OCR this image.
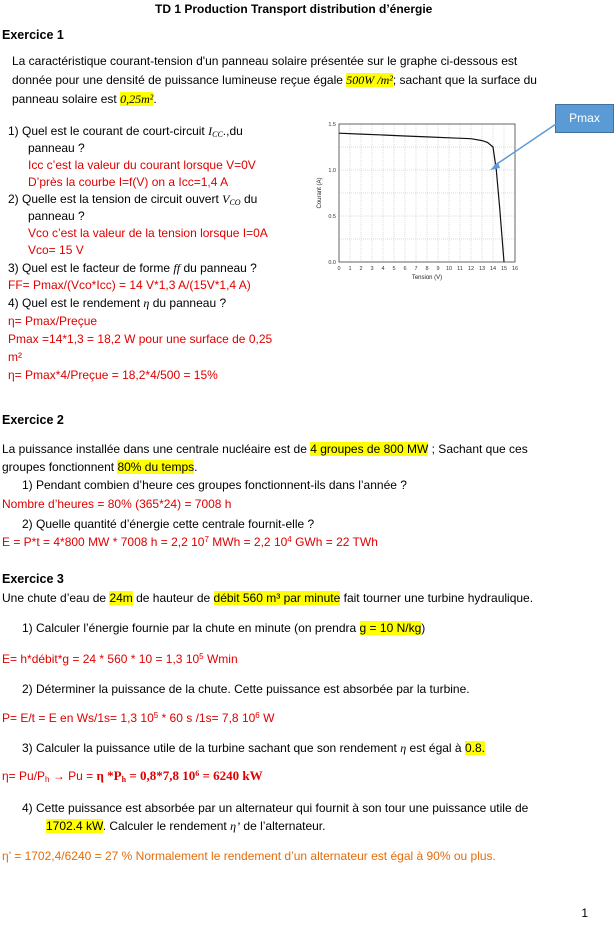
TD 1 Production Transport distribution d’énergie
Exercice 1
La caractéristique courant-tension d'un panneau solaire présentée sur le graphe ci-dessous est
donnée pour une densité de puissance lumineuse reçue égale 500W /m²; sachant que la surface du
panneau solaire est 0,25m².
1) Quel est le courant de court-circuit $I_{CC}.,du$
panneau ?
Icc c’est la valeur du courant lorsque V=0V
D’près la courbe I=f(V) on a Icc=1,4 A
2) Quelle est la tension de circuit ouvert $V_{CO}$ du
panneau ?
Vco c’est la valeur de la tension lorsque I=0A
Vco= 15 V
3) Quel est le facteur de forme ff du panneau ?
FF= Pmax/(Vco*Icc) = 14 V*1,3 A/(15V*1,4 A)
4) Quel est le rendement η du panneau ?
η= Pmax/Preçue
Pmax =14*1,3 = 18,2 W pour une surface de 0,25
m²
η= Pmax*4/Preçue = 18,2*4/500 = 15%
0 1 2 3 4 5 6 7 8 9 10 11 12 13 14 15 16
0.0
0.5
1.0
1.5
Tension (V)
Courant (A)
Pmax
Exercice 2
La puissance installée dans une centrale nucléaire est de 4 groupes de 800 MW ; Sachant que ces
groupes fonctionnent 80% du temps.
1) Pendant combien d’heure ces groupes fonctionnent-ils dans l’année ?
Nombre d’heures = 80% (365*24) = 7008 h
2) Quelle quantité d’énergie cette centrale fournit-elle ?
E = P*t = 4*800 MW * 7008 h = 2,2 $10^7$ MWh = 2,2 $10^4$ GWh = 22 TWh
Exercice 3
Une chute d’eau de 24m de hauteur de débit 560 m³ par minute fait tourner une turbine hydraulique.
1) Calculer l’énergie fournie par la chute en minute (on prendra g = 10 N/kg)
E= h*débit*g = 24 * 560 * 10 = 1,3 $10^5$ Wmin
2) Déterminer la puissance de la chute. Cette puissance est absorbée par la turbine.
P= E/t = E en Ws/1s= 1,3 $10^5 * 60$ s /1s= 7,8 $10^6$ W
3) Calculer la puissance utile de la turbine sachant que son rendement η est égal à 0.8.
$\eta= Pu/P_h \to Pu = \eta$ $*P_h = 0,8*7,8$ $10^6 = 6240$ kW
4) Cette puissance est absorbée par un alternateur qui fournit à son tour une puissance utile de
1702.4 kW. Calculer le rendement η’ de l’alternateur.
η’ = 1702,4/6240 = 27 % Normalement le rendement d’un alternateur est égal à 90% ou plus.
1
